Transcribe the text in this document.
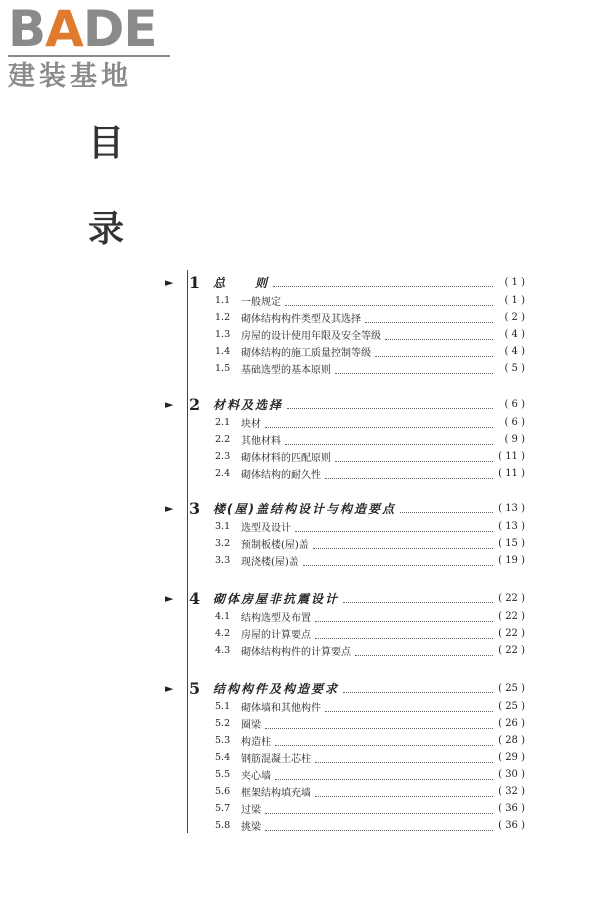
BADE
建装基地
目
录
► 1	总　　则	( 1 )
1.1	一般规定	( 1 )
1.2	砌体结构构件类型及其选择	( 2 )
1.3	房屋的设计使用年限及安全等级	( 4 )
1.4	砌体结构的施工质量控制等级	( 4 )
1.5	基础选型的基本原则	( 5 )
► 2	材料及选择	( 6 )
2.1	块材	( 6 )
2.2	其他材料	( 9 )
2.3	砌体材料的匹配原则	( 11 )
2.4	砌体结构的耐久性	( 11 )
► 3	楼(屋)盖结构设计与构造要点	( 13 )
3.1	选型及设计	( 13 )
3.2	预制板楼(屋)盖	( 15 )
3.3	现浇楼(屋)盖	( 19 )
► 4	砌体房屋非抗震设计	( 22 )
4.1	结构选型及布置	( 22 )
4.2	房屋的计算要点	( 22 )
4.3	砌体结构构件的计算要点	( 22 )
► 5	结构构件及构造要求	( 25 )
5.1	砌体墙和其他构件	( 25 )
5.2	圈梁	( 26 )
5.3	构造柱	( 28 )
5.4	钢筋混凝土芯柱	( 29 )
5.5	夹心墙	( 30 )
5.6	框架结构填充墙	( 32 )
5.7	过梁	( 36 )
5.8	挑梁	( 36 )
